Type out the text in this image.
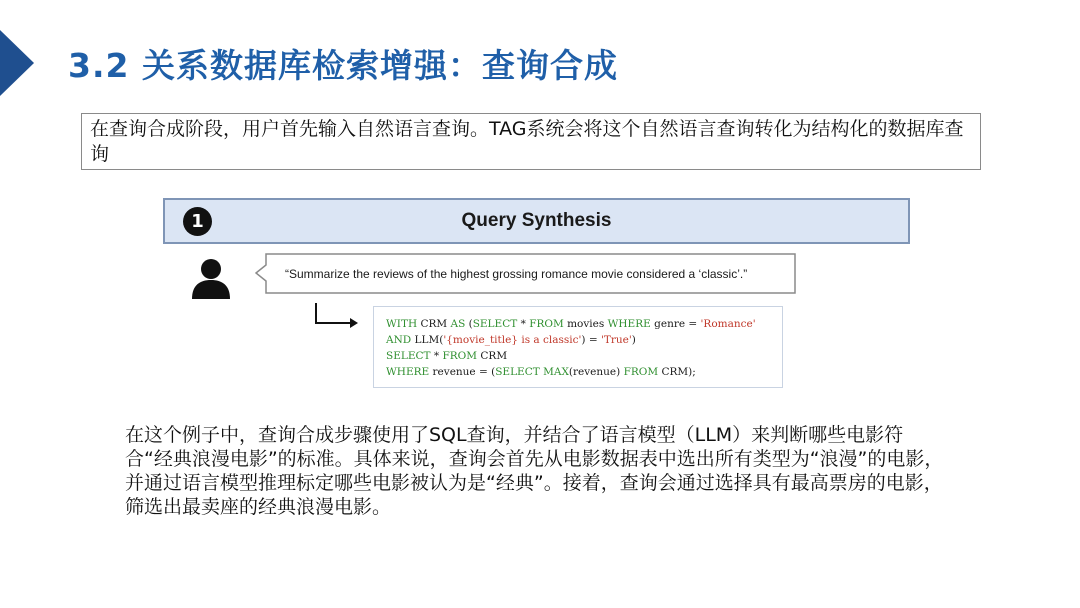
3.2 关系数据库检索增强：查询合成
在查询合成阶段，用户首先输入自然语言查询。TAG系统会将这个自然语言查询转化为结构化的数据库查询
1	Query Synthesis
“Summarize the reviews of the highest grossing romance movie considered a ‘classic’.”
WITH CRM AS (SELECT * FROM movies WHERE genre = 'Romance'
AND LLM('{movie_title} is a classic') = 'True')
SELECT * FROM CRM
WHERE revenue = (SELECT MAX(revenue) FROM CRM);
在这个例子中，查询合成步骤使用了SQL查询，并结合了语言模型（LLM）来判断哪些电影符合“经典浪漫电影”的标准。具体来说，查询会首先从电影数据表中选出所有类型为“浪漫”的电影，并通过语言模型推理标定哪些电影被认为是“经典”。接着，查询会通过选择具有最高票房的电影，筛选出最卖座的经典浪漫电影。
